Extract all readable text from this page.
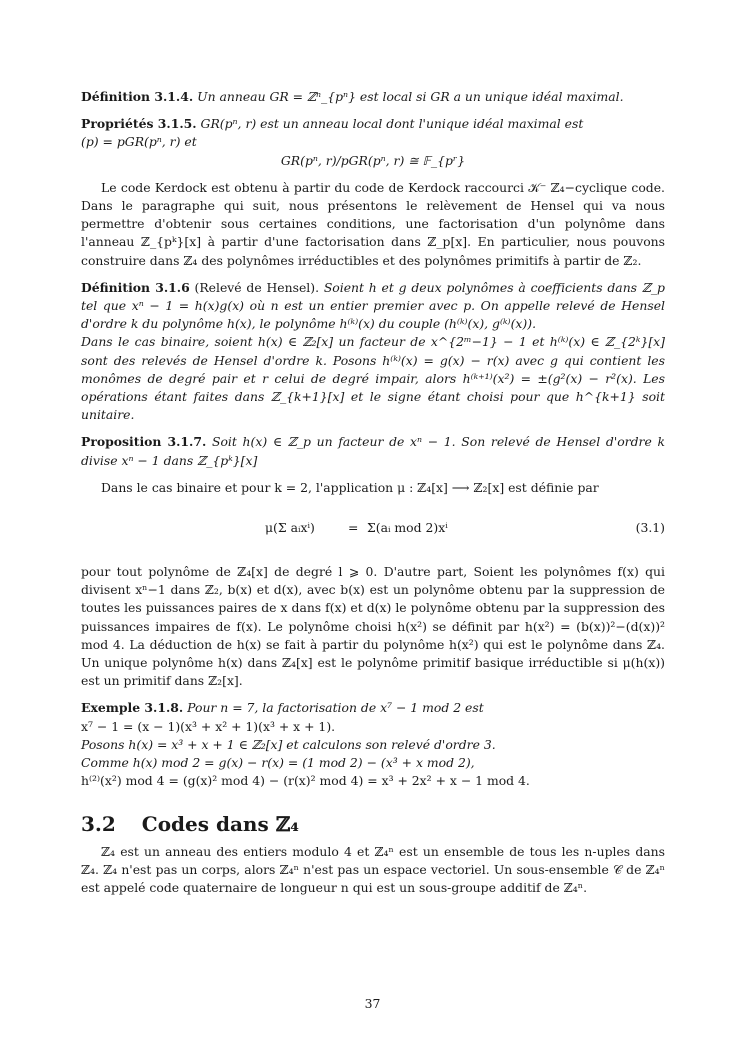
Définition 3.1.4. Un anneau GR = ℤⁿ_{pⁿ} est local si GR a un unique idéal maximal.

Propriétés 3.1.5. GR(pⁿ, r) est un anneau local dont l'unique idéal maximal est
(p) = pGR(pⁿ, r) et

GR(pⁿ, r)/pGR(pⁿ, r) ≅ 𝔽_{pʳ}

Le code Kerdock est obtenu à partir du code de Kerdock raccourci 𝒦⁻ ℤ₄−cyclique code. Dans le paragraphe qui suit, nous présentons le relèvement de Hensel qui va nous permettre d'obtenir sous certaines conditions, une factorisation d'un polynôme dans l'anneau ℤ_{pᵏ}[x] à partir d'une factorisation dans ℤ_p[x]. En particulier, nous pouvons construire dans ℤ₄ des polynômes irréductibles et des polynômes primitifs à partir de ℤ₂.

Définition 3.1.6 (Relevé de Hensel). Soient h et g deux polynômes à coefficients dans ℤ_p tel que xⁿ − 1 = h(x)g(x) où n est un entier premier avec p. On appelle relevé de Hensel d'ordre k du polynôme h(x), le polynôme h⁽ᵏ⁾(x) du couple (h⁽ᵏ⁾(x), g⁽ᵏ⁾(x)).
Dans le cas binaire, soient h(x) ∈ ℤ₂[x] un facteur de x^{2ᵐ−1} − 1 et h⁽ᵏ⁾(x) ∈ ℤ_{2ᵏ}[x] sont des relevés de Hensel d'ordre k. Posons h⁽ᵏ⁾(x) = g(x) − r(x) avec g qui contient les monômes de degré pair et r celui de degré impair, alors h⁽ᵏ⁺¹⁾(x²) = ±(g²(x) − r²(x). Les opérations étant faites dans ℤ_{k+1}[x] et le signe étant choisi pour que h^{k+1} soit unitaire.

Proposition 3.1.7. Soit h(x) ∈ ℤ_p un facteur de xⁿ − 1. Son relevé de Hensel d'ordre k divise xⁿ − 1 dans ℤ_{pᵏ}[x]

Dans le cas binaire et pour k = 2, l'application μ : ℤ₄[x] ⟶ ℤ₂[x] est définie par

μ(Σ aᵢxⁱ)	= Σ(aᵢ mod 2)xⁱ	(3.1)

pour tout polynôme de ℤ₄[x] de degré l ⩾ 0. D'autre part, Soient les polynômes f(x) qui divisent xⁿ−1 dans ℤ₂, b(x) et d(x), avec b(x) est un polynôme obtenu par la suppression de toutes les puissances paires de x dans f(x) et d(x) le polynôme obtenu par la suppression des puissances impaires de f(x). Le polynôme choisi h(x²) se définit par h(x²) = (b(x))²−(d(x))² mod 4. La déduction de h(x) se fait à partir du polynôme h(x²) qui est le polynôme dans ℤ₄. Un unique polynôme h(x) dans ℤ₄[x] est le polynôme primitif basique irréductible si μ(h(x)) est un primitif dans ℤ₂[x].

Exemple 3.1.8. Pour n = 7, la factorisation de x⁷ − 1 mod 2 est
x⁷ − 1 = (x − 1)(x³ + x² + 1)(x³ + x + 1).
Posons h(x) = x³ + x + 1 ∈ ℤ₂[x] et calculons son relevé d'ordre 3.
Comme h(x) mod 2 = g(x) − r(x) = (1 mod 2) − (x³ + x mod 2),
h⁽²⁾(x²) mod 4 = (g(x)² mod 4) − (r(x)² mod 4) = x³ + 2x² + x − 1 mod 4.

3.2 Codes dans ℤ₄

ℤ₄ est un anneau des entiers modulo 4 et ℤ₄ⁿ est un ensemble de tous les n-uples dans ℤ₄. ℤ₄ n'est pas un corps, alors ℤ₄ⁿ n'est pas un espace vectoriel. Un sous-ensemble 𝒞 de ℤ₄ⁿ est appelé code quaternaire de longueur n qui est un sous-groupe additif de ℤ₄ⁿ.

37
